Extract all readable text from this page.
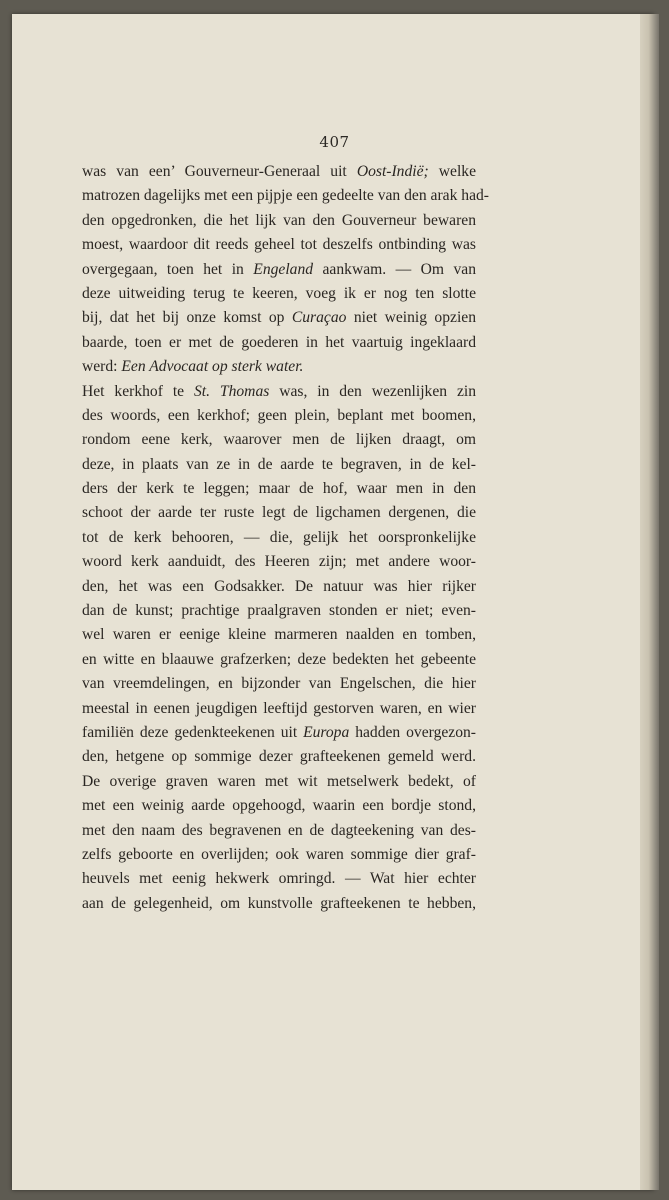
407
was van een’ Gouverneur-Generaal uit Oost-Indië; welke
matrozen dagelijks met een pijpje een gedeelte van den arak had-
den opgedronken, die het lijk van den Gouverneur bewaren
moest, waardoor dit reeds geheel tot deszelfs ontbinding was
overgegaan, toen het in Engeland aankwam. — Om van
deze uitweiding terug te keeren, voeg ik er nog ten slotte
bij, dat het bij onze komst op Curaçao niet weinig opzien
baarde, toen er met de goederen in het vaartuig ingeklaard
werd: Een Advocaat op sterk water.
Het kerkhof te St. Thomas was, in den wezenlijken zin
des woords, een kerkhof; geen plein, beplant met boomen,
rondom eene kerk, waarover men de lijken draagt, om
deze, in plaats van ze in de aarde te begraven, in de kel-
ders der kerk te leggen; maar de hof, waar men in den
schoot der aarde ter ruste legt de ligchamen dergenen, die
tot de kerk behooren, — die, gelijk het oorspronkelijke
woord kerk aanduidt, des Heeren zijn; met andere woor-
den, het was een Godsakker. De natuur was hier rijker
dan de kunst; prachtige praalgraven stonden er niet; even-
wel waren er eenige kleine marmeren naalden en tomben,
en witte en blaauwe grafzerken; deze bedekten het gebeente
van vreemdelingen, en bijzonder van Engelschen, die hier
meestal in eenen jeugdigen leeftijd gestorven waren, en wier
familiën deze gedenkteekenen uit Europa hadden overgezon-
den, hetgene op sommige dezer grafteekenen gemeld werd.
De overige graven waren met wit metselwerk bedekt, of
met een weinig aarde opgehoogd, waarin een bordje stond,
met den naam des begravenen en de dagteekening van des-
zelfs geboorte en overlijden; ook waren sommige dier graf-
heuvels met eenig hekwerk omringd. — Wat hier echter
aan de gelegenheid, om kunstvolle grafteekenen te hebben,
